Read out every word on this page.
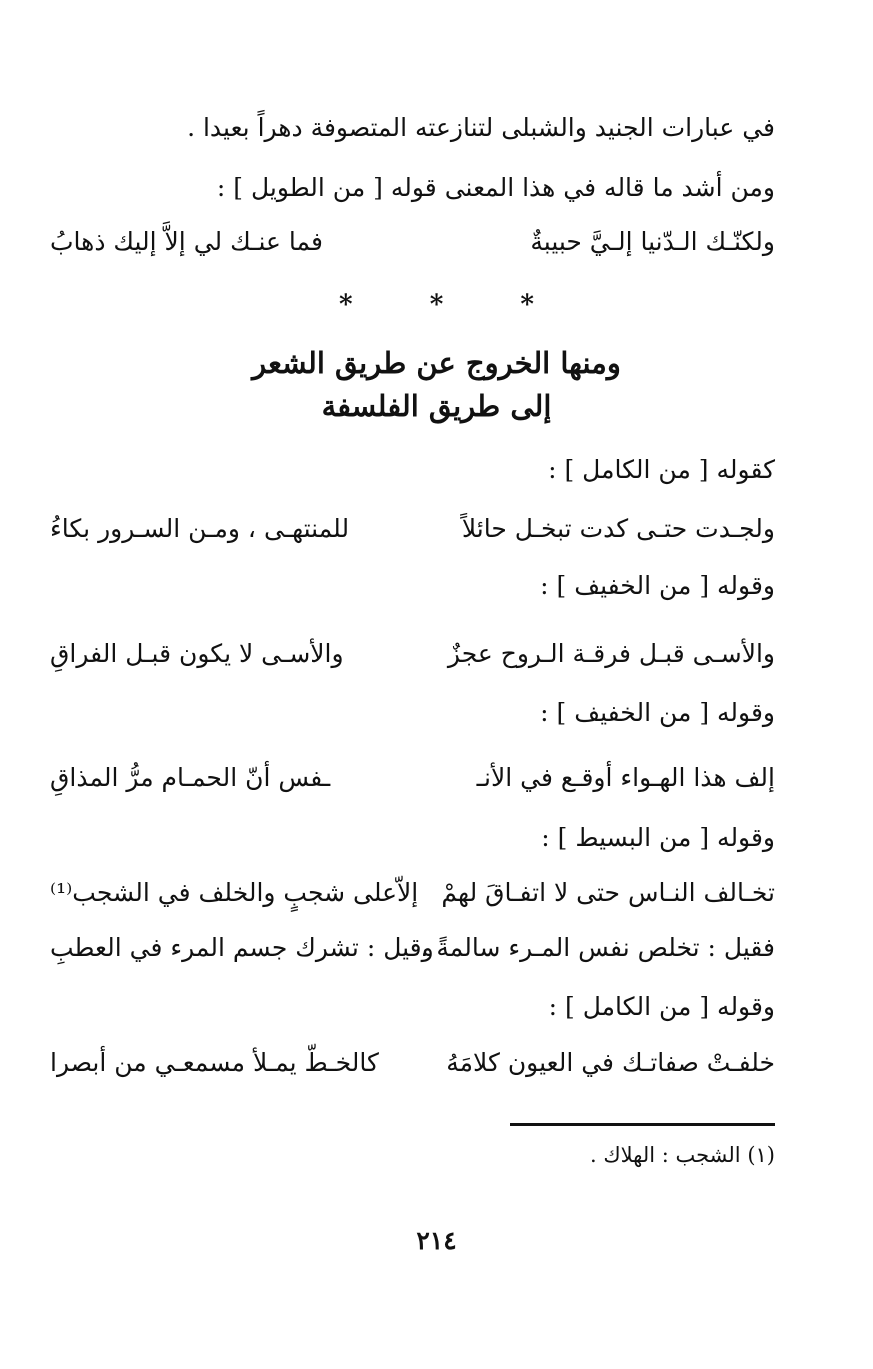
في عبارات الجنيد والشبلى لتنازعته المتصوفة دهراً بعيدا .
ومن أشد ما قاله في هذا المعنى قوله [ من الطويل ] :
ولكنّـك الـدّنيا إلـيَّ حبيبةٌ
فما عنـك لي إلاَّ إليك ذهابُ
* * *
ومنها الخروج عن طريق الشعر
إلى طريق الفلسفة
كقوله [ من الكامل ] :
ولجـدت حتـى كدت تبخـل حائلاً
للمنتهـى ، ومـن السـرور بكاءُ
وقوله [ من الخفيف ] :
والأسـى قبـل فرقـة الـروح عجزٌ
والأسـى لا يكون قبـل الفراقِ
وقوله [ من الخفيف ] :
إلف هذا الهـواء أوقـع في الأنـ
ـفس أنّ الحمـام مرُّ المذاقِ
وقوله [ من البسيط ] :
تخـالف النـاس حتى لا اتفـاقَ لهمْ
إلاّعلى شجبٍ والخلف في الشجب⁽¹⁾
فقيل : تخلص نفس المـرء سالمةً ،
وقيل : تشرك جسم المرء في العطبِ
وقوله [ من الكامل ] :
خلفـتْ صفاتـك في العيون كلامَهُ
كالخـطّ يمـلأ مسمعـي من أبصرا
(١) الشجب : الهلاك .
٢١٤
